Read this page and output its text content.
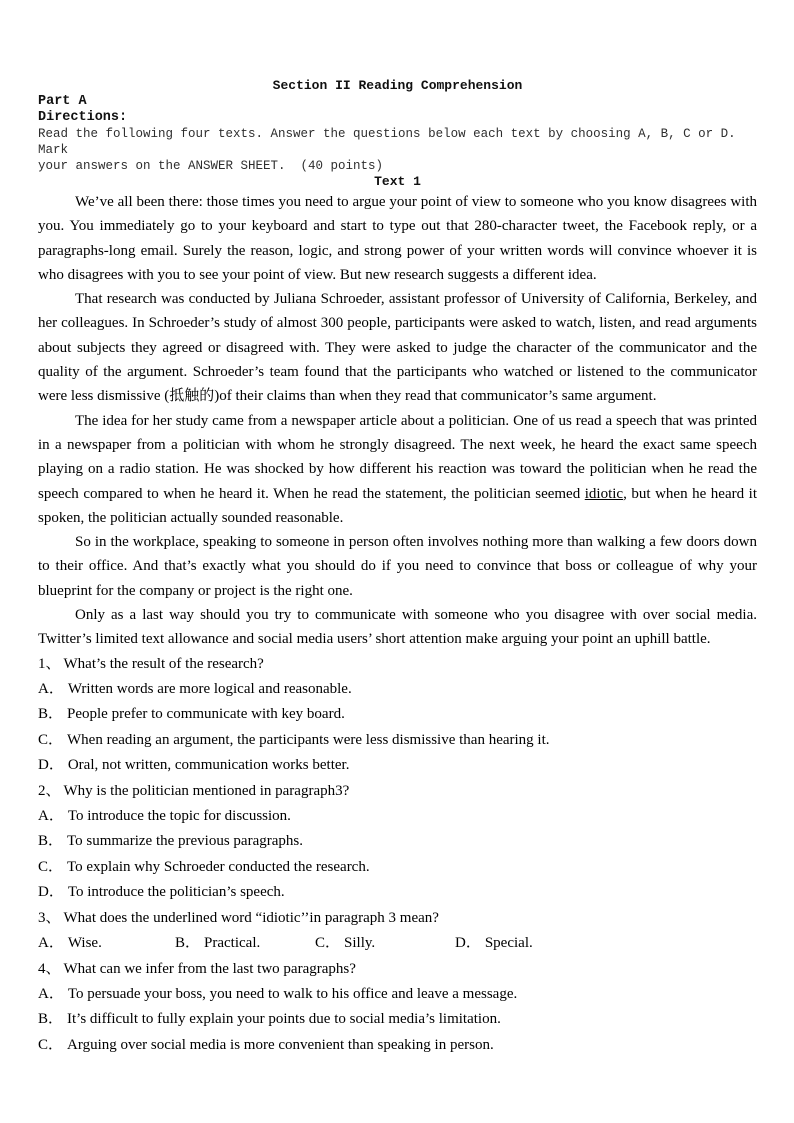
Section II Reading Comprehension
Part A
Directions:
Read the following four texts. Answer the questions below each text by choosing A, B, C or D. Mark
your answers on the ANSWER SHEET.  (40 points)
Text 1

We’ve all been there: those times you need to argue your point of view to someone who you know disagrees with you. You immediately go to your keyboard and start to type out that 280-character tweet, the Facebook reply, or a paragraphs-long email. Surely the reason, logic, and strong power of your written words will convince whoever it is who disagrees with you to see your point of view. But new research suggests a different idea.

That research was conducted by Juliana Schroeder, assistant professor of University of California, Berkeley, and her colleagues. In Schroeder’s study of almost 300 people, participants were asked to watch, listen, and read arguments about subjects they agreed or disagreed with. They were asked to judge the character of the communicator and the quality of the argument. Schroeder’s team found that the participants who watched or listened to the communicator were less dismissive (抵触的)of their claims than when they read that communicator’s same argument.

The idea for her study came from a newspaper article about a politician. One of us read a speech that was printed in a newspaper from a politician with whom he strongly disagreed. The next week, he heard the exact same speech playing on a radio station. He was shocked by how different his reaction was toward the politician when he read the speech compared to when he heard it. When he read the statement, the politician seemed idiotic, but when he heard it spoken, the politician actually sounded reasonable.

So in the workplace, speaking to someone in person often involves nothing more than walking a few doors down to their office. And that’s exactly what you should do if you need to convince that boss or colleague of why your blueprint for the company or project is the right one.

Only as a last way should you try to communicate with someone who you disagree with over social media. Twitter’s limited text allowance and social media users’ short attention make arguing your point an uphill battle.

1、 What’s the result of the research?
A． Written words are more logical and reasonable.
B． People prefer to communicate with key board.
C． When reading an argument, the participants were less dismissive than hearing it.
D． Oral, not written, communication works better.
2、 Why is the politician mentioned in paragraph3?
A． To introduce the topic for discussion.
B． To summarize the previous paragraphs.
C． To explain why Schroeder conducted the research.
D． To introduce the politician’s speech.
3、 What does the underlined word “idiotic’’in paragraph 3 mean?
A． Wise.	B． Practical.	C． Silly.	D． Special.
4、 What can we infer from the last two paragraphs?
A． To persuade your boss, you need to walk to his office and leave a message.
B． It’s difficult to fully explain your points due to social media’s limitation.
C． Arguing over social media is more convenient than speaking in person.
